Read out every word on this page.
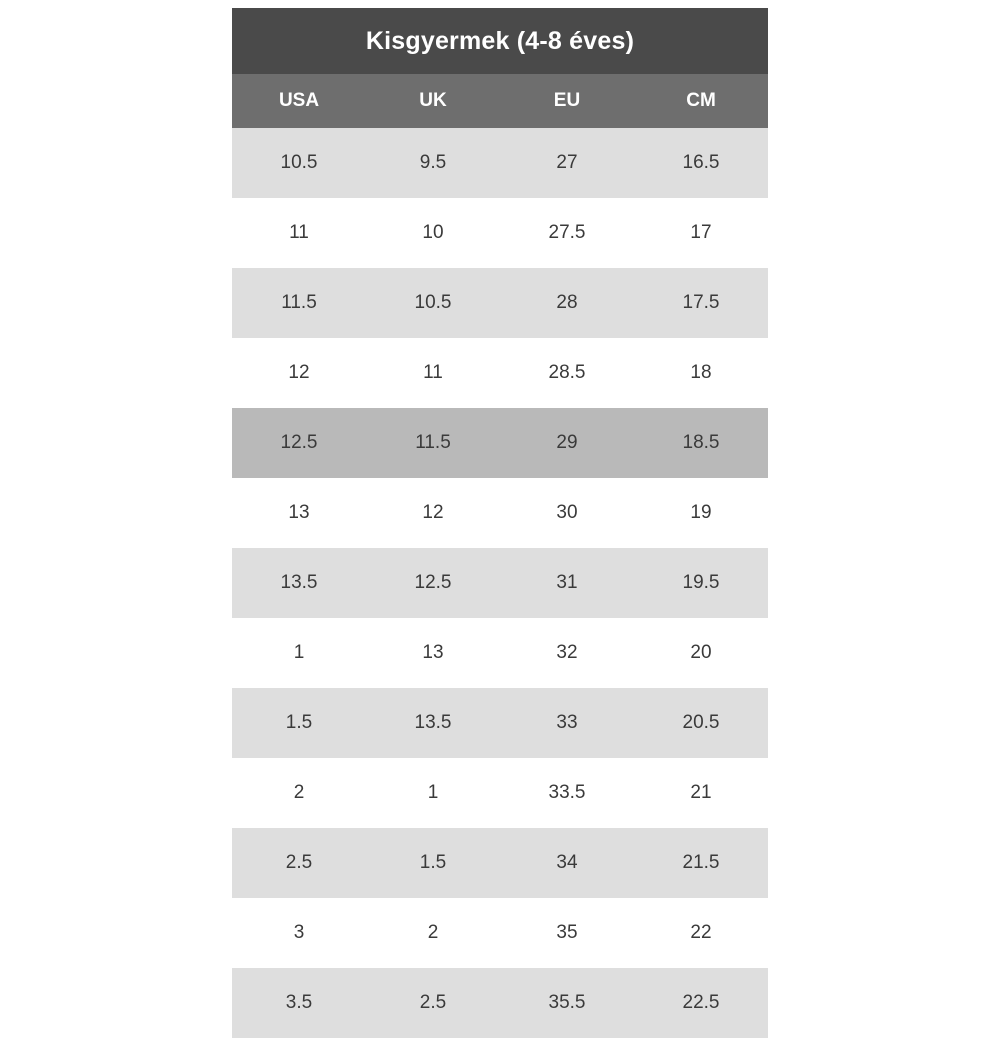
Kisgyermek (4-8 éves)			
USA	UK	EU	CM
10.5	9.5	27	16.5
11	10	27.5	17
11.5	10.5	28	17.5
12	11	28.5	18
12.5	11.5	29	18.5
13	12	30	19
13.5	12.5	31	19.5
1	13	32	20
1.5	13.5	33	20.5
2	1	33.5	21
2.5	1.5	34	21.5
3	2	35	22
3.5	2.5	35.5	22.5
